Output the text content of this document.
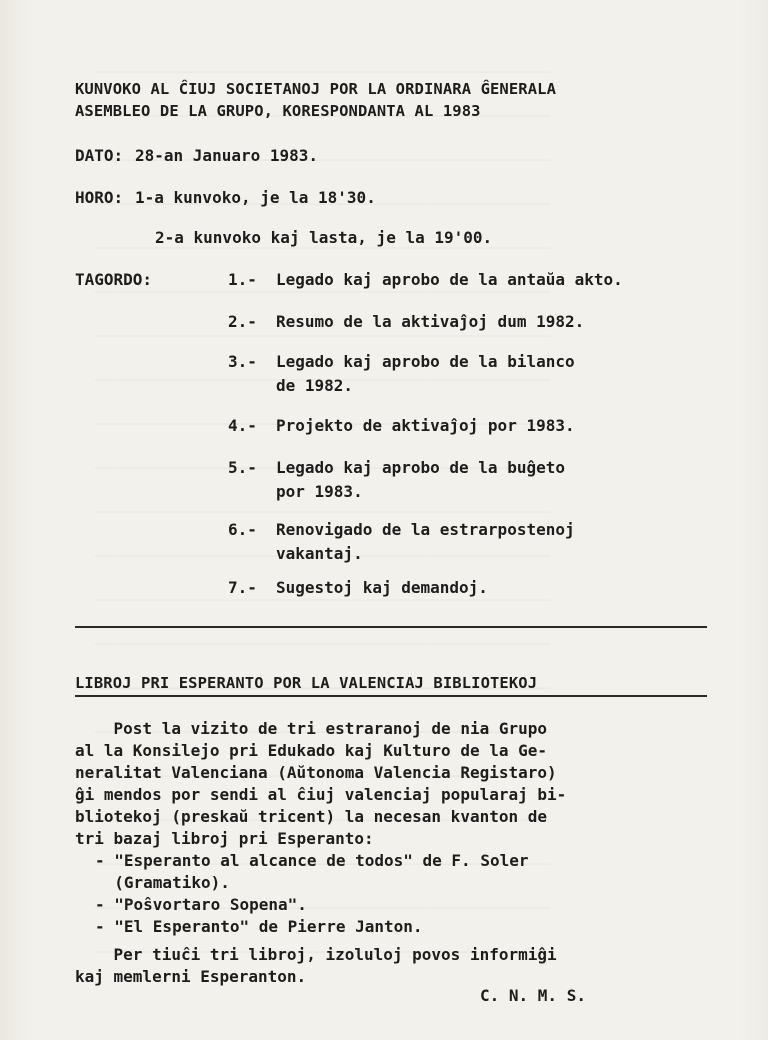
KUNVOKO AL ĈIUJ SOCIETANOJ POR LA ORDINARA ĜENERALA
ASEMBLEO DE LA GRUPO, KORESPONDANTA AL 1983
DATO: 28-an Januaro 1983.
HORO: 1-a kunvoko, je la 18'30.
2-a kunvoko kaj lasta, je la 19'00.
TAGORDO:	1.- Legado kaj aprobo de la antaŭa akto.
2.- Resumo de la aktivaĵoj dum 1982.
3.- Legado kaj aprobo de la bilanco
de 1982.
4.- Projekto de aktivaĵoj por 1983.
5.- Legado kaj aprobo de la buĝeto
por 1983.
6.- Renovigado de la estrarpostenoj
vakantaj.
7.- Sugestoj kaj demandoj.
LIBROJ PRI ESPERANTO POR LA VALENCIAJ BIBLIOTEKOJ
Post la vizito de tri estraranoj de nia Grupo
al la Konsilejo pri Edukado kaj Kulturo de la Ge-
neralitat Valenciana (Aŭtonoma Valencia Registaro)
ĝi mendos por sendi al ĉiuj valenciaj popularaj bi-
bliotekoj (preskaŭ tricent) la necesan kvanton de
tri bazaj libroj pri Esperanto:
- "Esperanto al alcance de todos" de F. Soler
(Gramatiko).
- "Poŝvortaro Sopena".
- "El Esperanto" de Pierre Janton.
Per tiuĉi tri libroj, izoluloj povos informiĝi
kaj memlerni Esperanton.
C. N. M. S.
